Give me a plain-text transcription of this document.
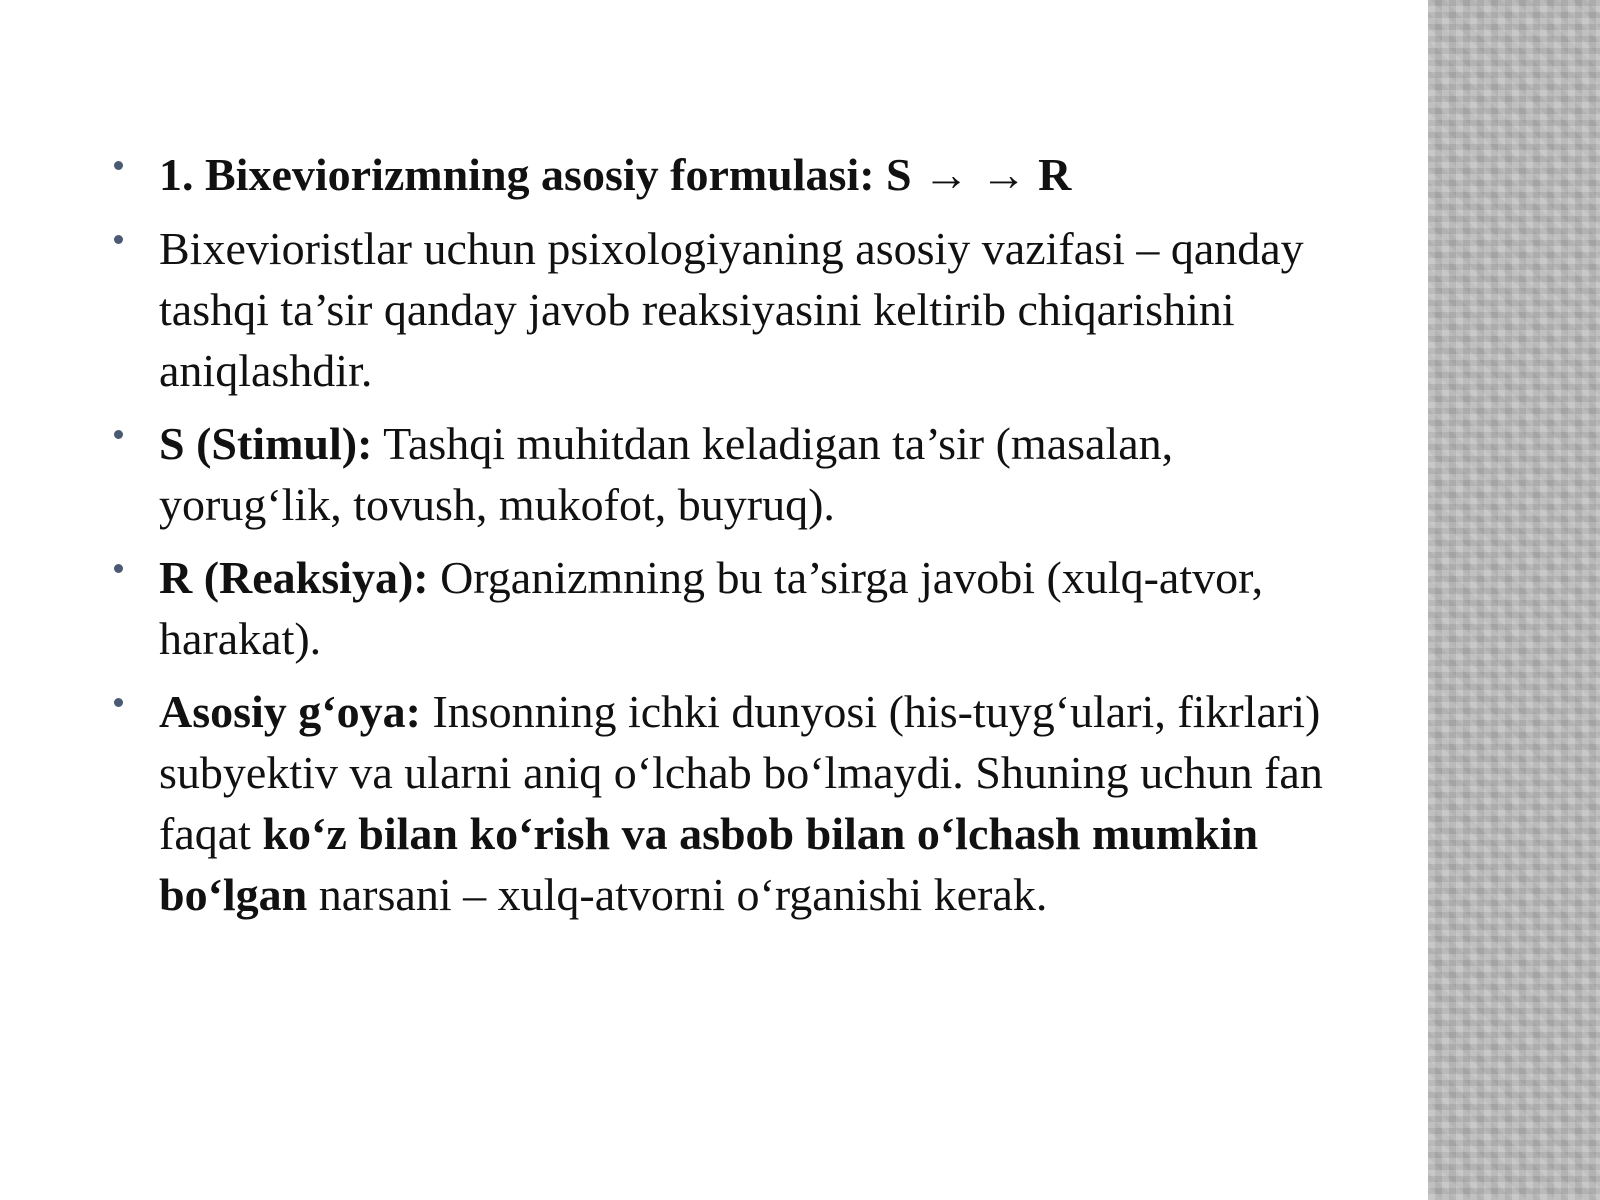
1. Bixeviorizmning asosiy formulasi: S → → R
Bixevioristlar uchun psixologiyaning asosiy vazifasi – qanday tashqi ta’sir qanday javob reaksiyasini keltirib chiqarishini aniqlashdir.
S (Stimul): Tashqi muhitdan keladigan ta’sir (masalan, yorug‘lik, tovush, mukofot, buyruq).
R (Reaksiya): Organizmning bu ta’sirga javobi (xulq-atvor, harakat).
Asosiy g‘oya: Insonning ichki dunyosi (his-tuyg‘ulari, fikrlari) subyektiv va ularni aniq o‘lchab bo‘lmaydi. Shuning uchun fan faqat ko‘z bilan ko‘rish va asbob bilan o‘lchash mumkin bo‘lgan narsani – xulq-atvorni o‘rganishi kerak.
